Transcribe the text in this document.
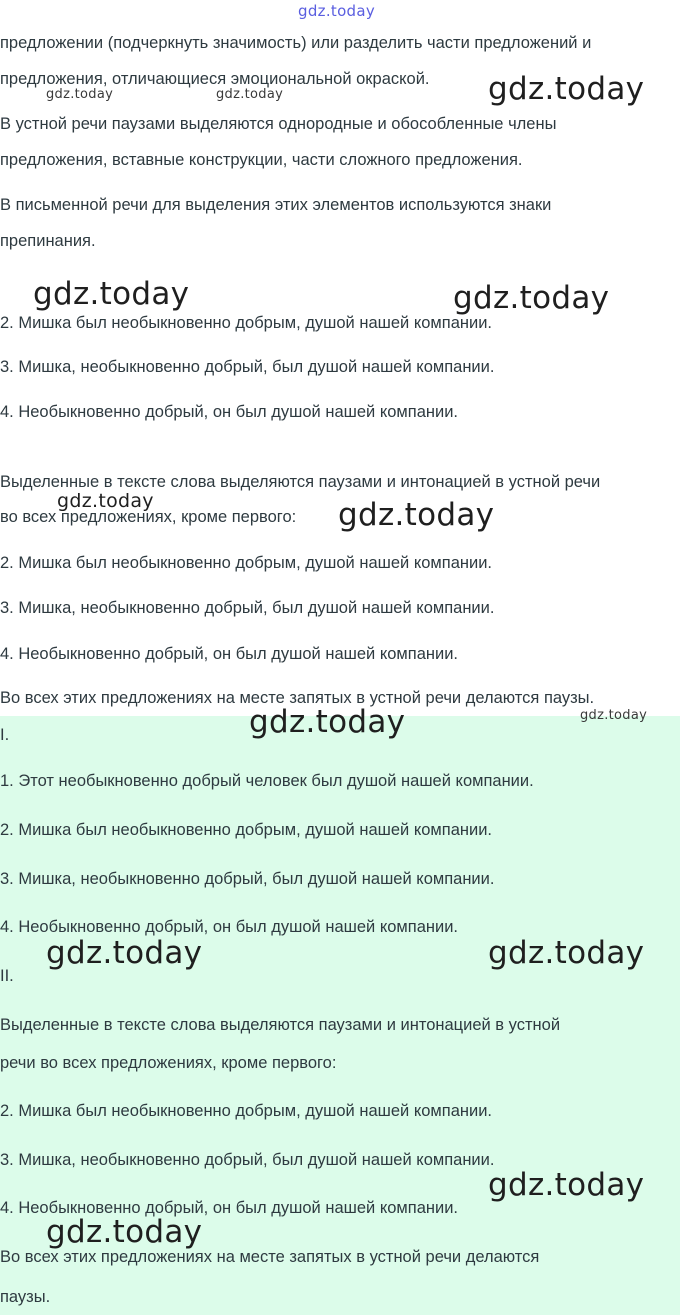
предложении (подчеркнуть значимость) или разделить части предложений и
предложения, отличающиеся эмоциональной окраской.
В устной речи паузами выделяются однородные и обособленные члены
предложения, вставные конструкции, части сложного предложения.
В письменной речи для выделения этих элементов используются знаки
препинания.
2. Мишка был необыкновенно добрым, душой нашей компании.
3. Мишка, необыкновенно добрый, был душой нашей компании.
4. Необыкновенно добрый, он был душой нашей компании.
Выделенные в тексте слова выделяются паузами и интонацией в устной речи
во всех предложениях, кроме первого:
2. Мишка был необыкновенно добрым, душой нашей компании.
3. Мишка, необыкновенно добрый, был душой нашей компании.
4. Необыкновенно добрый, он был душой нашей компании.
Во всех этих предложениях на месте запятых в устной речи делаются паузы.
I.
1. Этот необыкновенно добрый человек был душой нашей компании.
2. Мишка был необыкновенно добрым, душой нашей компании.
3. Мишка, необыкновенно добрый, был душой нашей компании.
4. Необыкновенно добрый, он был душой нашей компании.
II.
Выделенные в тексте слова выделяются паузами и интонацией в устной
речи во всех предложениях, кроме первого:
2. Мишка был необыкновенно добрым, душой нашей компании.
3. Мишка, необыкновенно добрый, был душой нашей компании.
4. Необыкновенно добрый, он был душой нашей компании.
Во всех этих предложениях на месте запятых в устной речи делаются
паузы.
gdz.today
gdz.today	gdz.today	gdz.today
gdz.today	gdz.today
gdz.today	gdz.today
gdz.today	gdz.today
gdz.today	gdz.today
gdz.today
gdz.today
